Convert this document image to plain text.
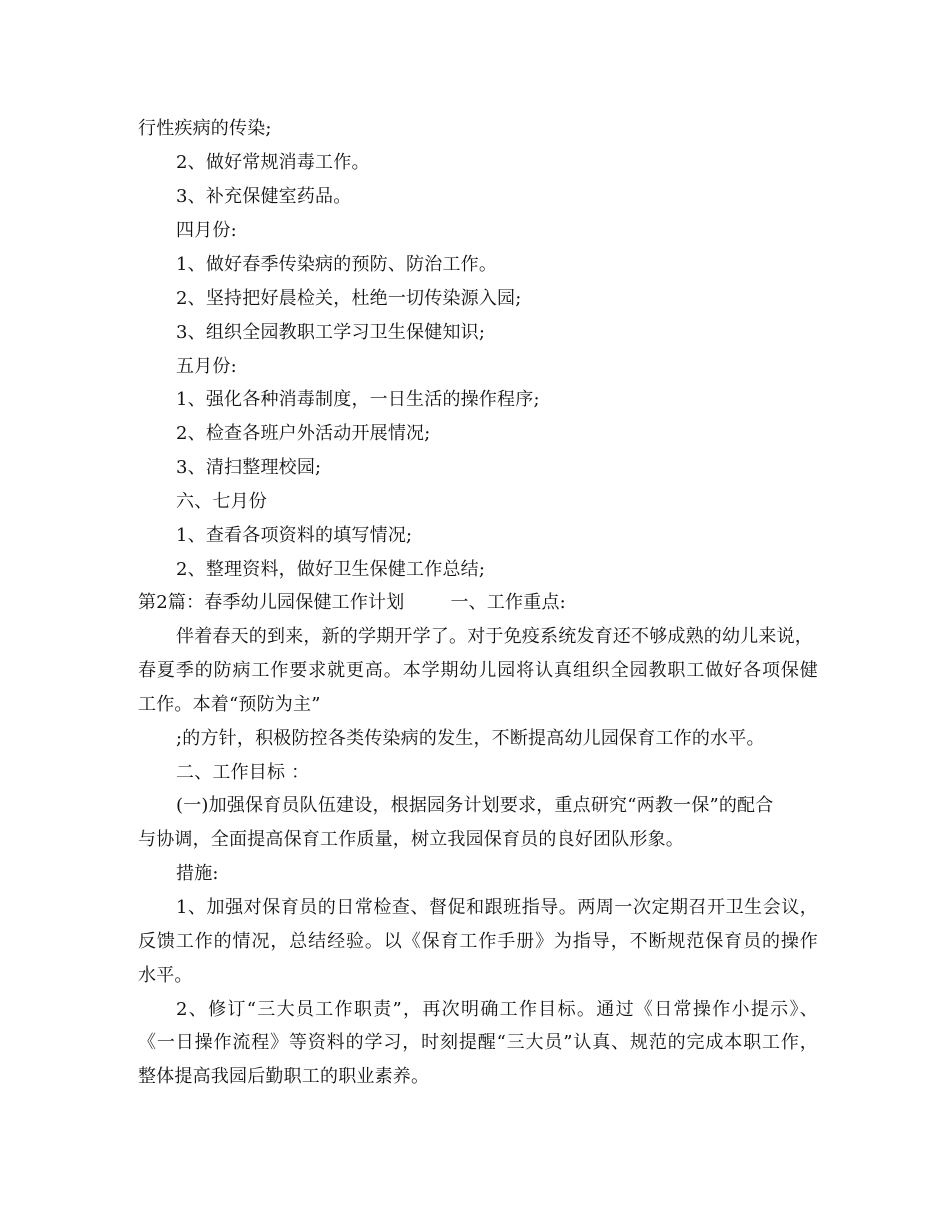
行性疾病的传染;
2、做好常规消毒工作。
3、补充保健室药品。
四月份:
1、做好春季传染病的预防、防治工作。
2、坚持把好晨检关，杜绝一切传染源入园;
3、组织全园教职工学习卫生保健知识;
五月份:
1、强化各种消毒制度，一日生活的操作程序;
2、检查各班户外活动开展情况;
3、清扫整理校园;
六、七月份
1、查看各项资料的填写情况;
2、整理资料，做好卫生保健工作总结;
第2篇：春季幼儿园保健工作计划	一、工作重点:
伴着春天的到来，新的学期开学了。对于免疫系统发育还不够成熟的幼儿来说，
春夏季的防病工作要求就更高。本学期幼儿园将认真组织全园教职工做好各项保健
工作。本着“预防为主”
;的方针，积极防控各类传染病的发生，不断提高幼儿园保育工作的水平。
二、工作目标 ：
(一)加强保育员队伍建设，根据园务计划要求，重点研究“两教一保”的配合
与协调，全面提高保育工作质量，树立我园保育员的良好团队形象。
措施:
1、加强对保育员的日常检查、督促和跟班指导。两周一次定期召开卫生会议，
反馈工作的情况，总结经验。以《保育工作手册》为指导，不断规范保育员的操作
水平。
2、修订“三大员工作职责”，再次明确工作目标。通过《日常操作小提示》、
《一日操作流程》等资料的学习，时刻提醒“三大员”认真、规范的完成本职工作，
整体提高我园后勤职工的职业素养。
